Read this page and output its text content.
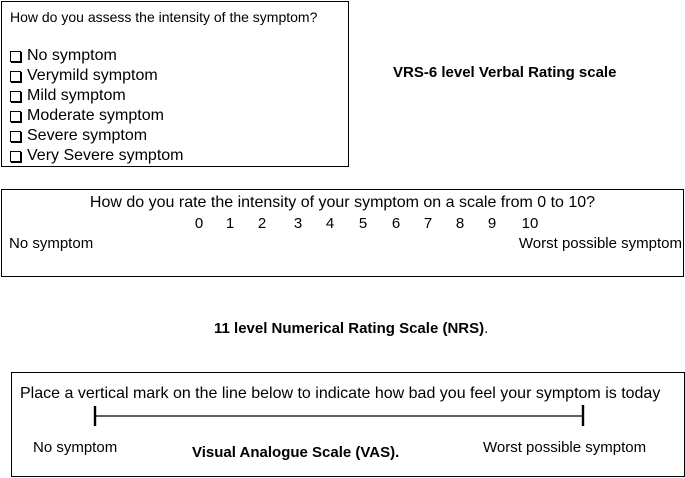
How do you assess the intensity of the symptom?
No symptom
Verymild symptom
Mild symptom
Moderate symptom
Severe symptom
Very Severe symptom
VRS-6 level Verbal Rating scale
How do you rate the intensity of your symptom on a scale from 0 to 10?
0 1 2 3 4 5 6 7 8 9 10
No symptom	Worst possible symptom
11 level Numerical Rating Scale (NRS).
Place a vertical mark on the line below to indicate how bad you feel your symptom is today
No symptom	Visual Analogue Scale (VAS).	Worst possible symptom
